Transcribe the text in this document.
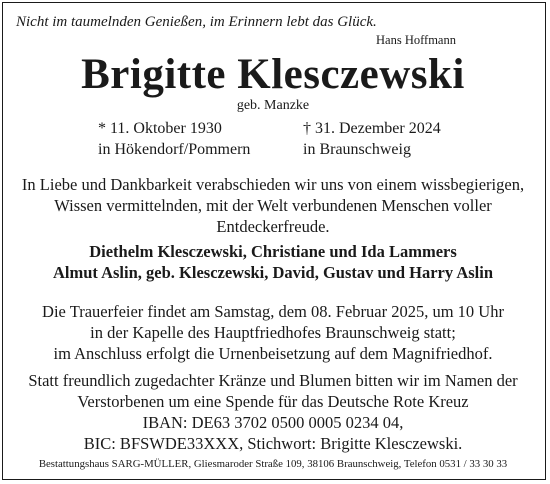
Nicht im taumelnden Genießen, im Erinnern lebt das Glück.
Hans Hoffmann
Brigitte Klesczewski
geb. Manzke
* 11. Oktober 1930
in Hökendorf/Pommern
† 31. Dezember 2024
in Braunschweig
In Liebe und Dankbarkeit verabschieden wir uns von einem wissbegierigen,
Wissen vermittelnden, mit der Welt verbundenen Menschen voller
Entdeckerfreude.
Diethelm Klesczewski, Christiane und Ida Lammers
Almut Aslin, geb. Klesczewski, David, Gustav und Harry Aslin
Die Trauerfeier findet am Samstag, dem 08. Februar 2025, um 10 Uhr
in der Kapelle des Hauptfriedhofes Braunschweig statt;
im Anschluss erfolgt die Urnenbeisetzung auf dem Magnifriedhof.
Statt freundlich zugedachter Kränze und Blumen bitten wir im Namen der
Verstorbenen um eine Spende für das Deutsche Rote Kreuz
IBAN: DE63 3702 0500 0005 0234 04,
BIC: BFSWDE33XXX, Stichwort: Brigitte Klesczewski.
Bestattungshaus SARG-MÜLLER, Gliesmaroder Straße 109, 38106 Braunschweig, Telefon 0531 / 33 30 33
